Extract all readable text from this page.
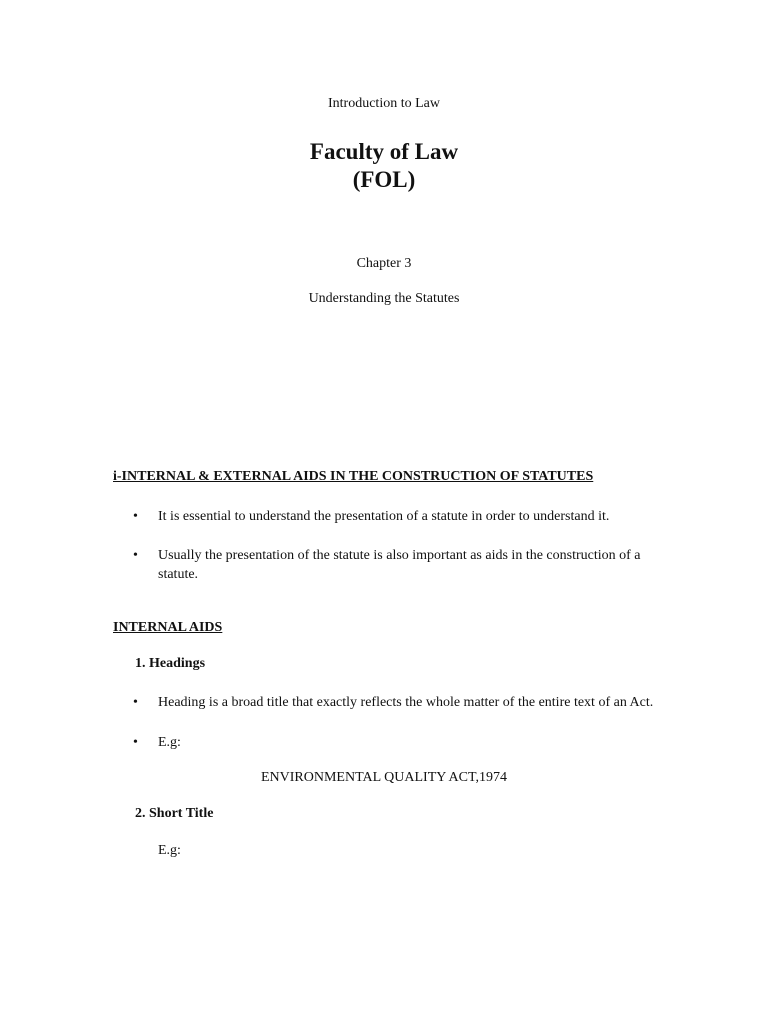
Introduction to Law
Faculty of Law
(FOL)
Chapter 3
Understanding the Statutes
i-INTERNAL & EXTERNAL AIDS IN THE CONSTRUCTION OF STATUTES
•	It is essential to understand the presentation of a statute in order to understand it.
•	Usually the presentation of the statute is also important as aids in the construction of a statute.
INTERNAL AIDS
1. Headings
•	Heading is a broad title that exactly reflects the whole matter of the entire text of an Act.
•	E.g:
ENVIRONMENTAL QUALITY ACT,1974
2. Short Title
E.g:
